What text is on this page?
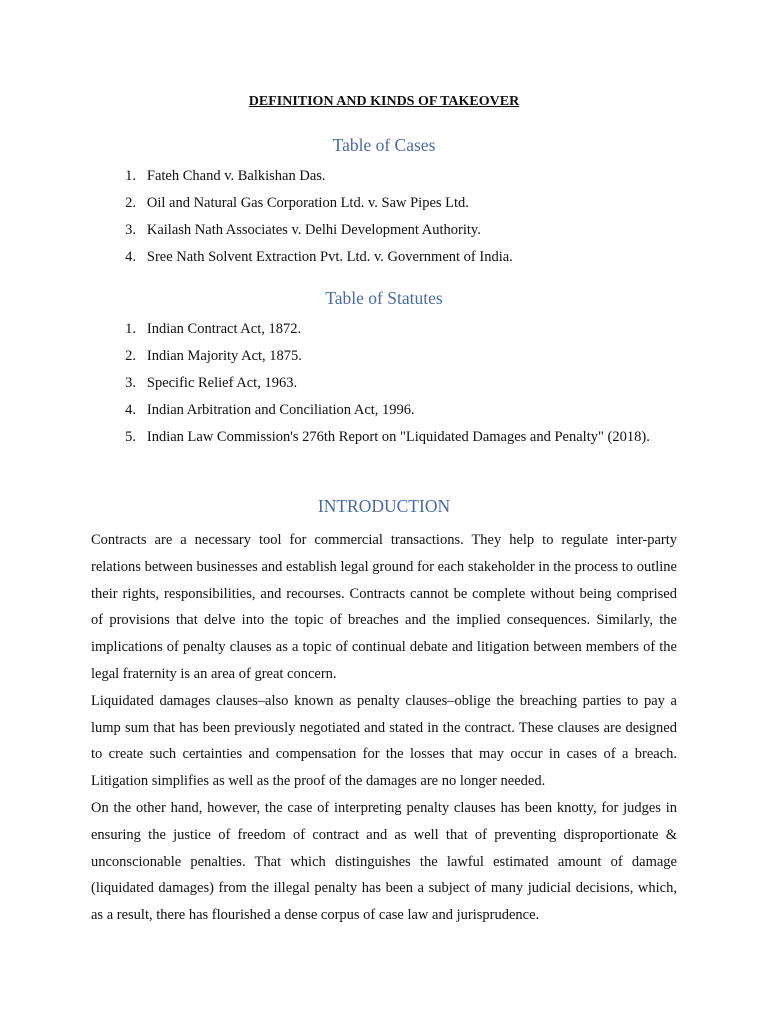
DEFINITION AND KINDS OF TAKEOVER
Table of Cases
1. Fateh Chand v. Balkishan Das.
2. Oil and Natural Gas Corporation Ltd. v. Saw Pipes Ltd.
3. Kailash Nath Associates v. Delhi Development Authority.
4. Sree Nath Solvent Extraction Pvt. Ltd. v. Government of India.
Table of Statutes
1. Indian Contract Act, 1872.
2. Indian Majority Act, 1875.
3. Specific Relief Act, 1963.
4. Indian Arbitration and Conciliation Act, 1996.
5. Indian Law Commission's 276th Report on "Liquidated Damages and Penalty" (2018).
INTRODUCTION

Contracts are a necessary tool for commercial transactions. They help to regulate inter-party relations between businesses and establish legal ground for each stakeholder in the process to outline their rights, responsibilities, and recourses. Contracts cannot be complete without being comprised of provisions that delve into the topic of breaches and the implied consequences. Similarly, the implications of penalty clauses as a topic of continual debate and litigation between members of the legal fraternity is an area of great concern.

Liquidated damages clauses–also known as penalty clauses–oblige the breaching parties to pay a lump sum that has been previously negotiated and stated in the contract. These clauses are designed to create such certainties and compensation for the losses that may occur in cases of a breach. Litigation simplifies as well as the proof of the damages are no longer needed.

On the other hand, however, the case of interpreting penalty clauses has been knotty, for judges in ensuring the justice of freedom of contract and as well that of preventing disproportionate & unconscionable penalties. That which distinguishes the lawful estimated amount of damage (liquidated damages) from the illegal penalty has been a subject of many judicial decisions, which, as a result, there has flourished a dense corpus of case law and jurisprudence.
